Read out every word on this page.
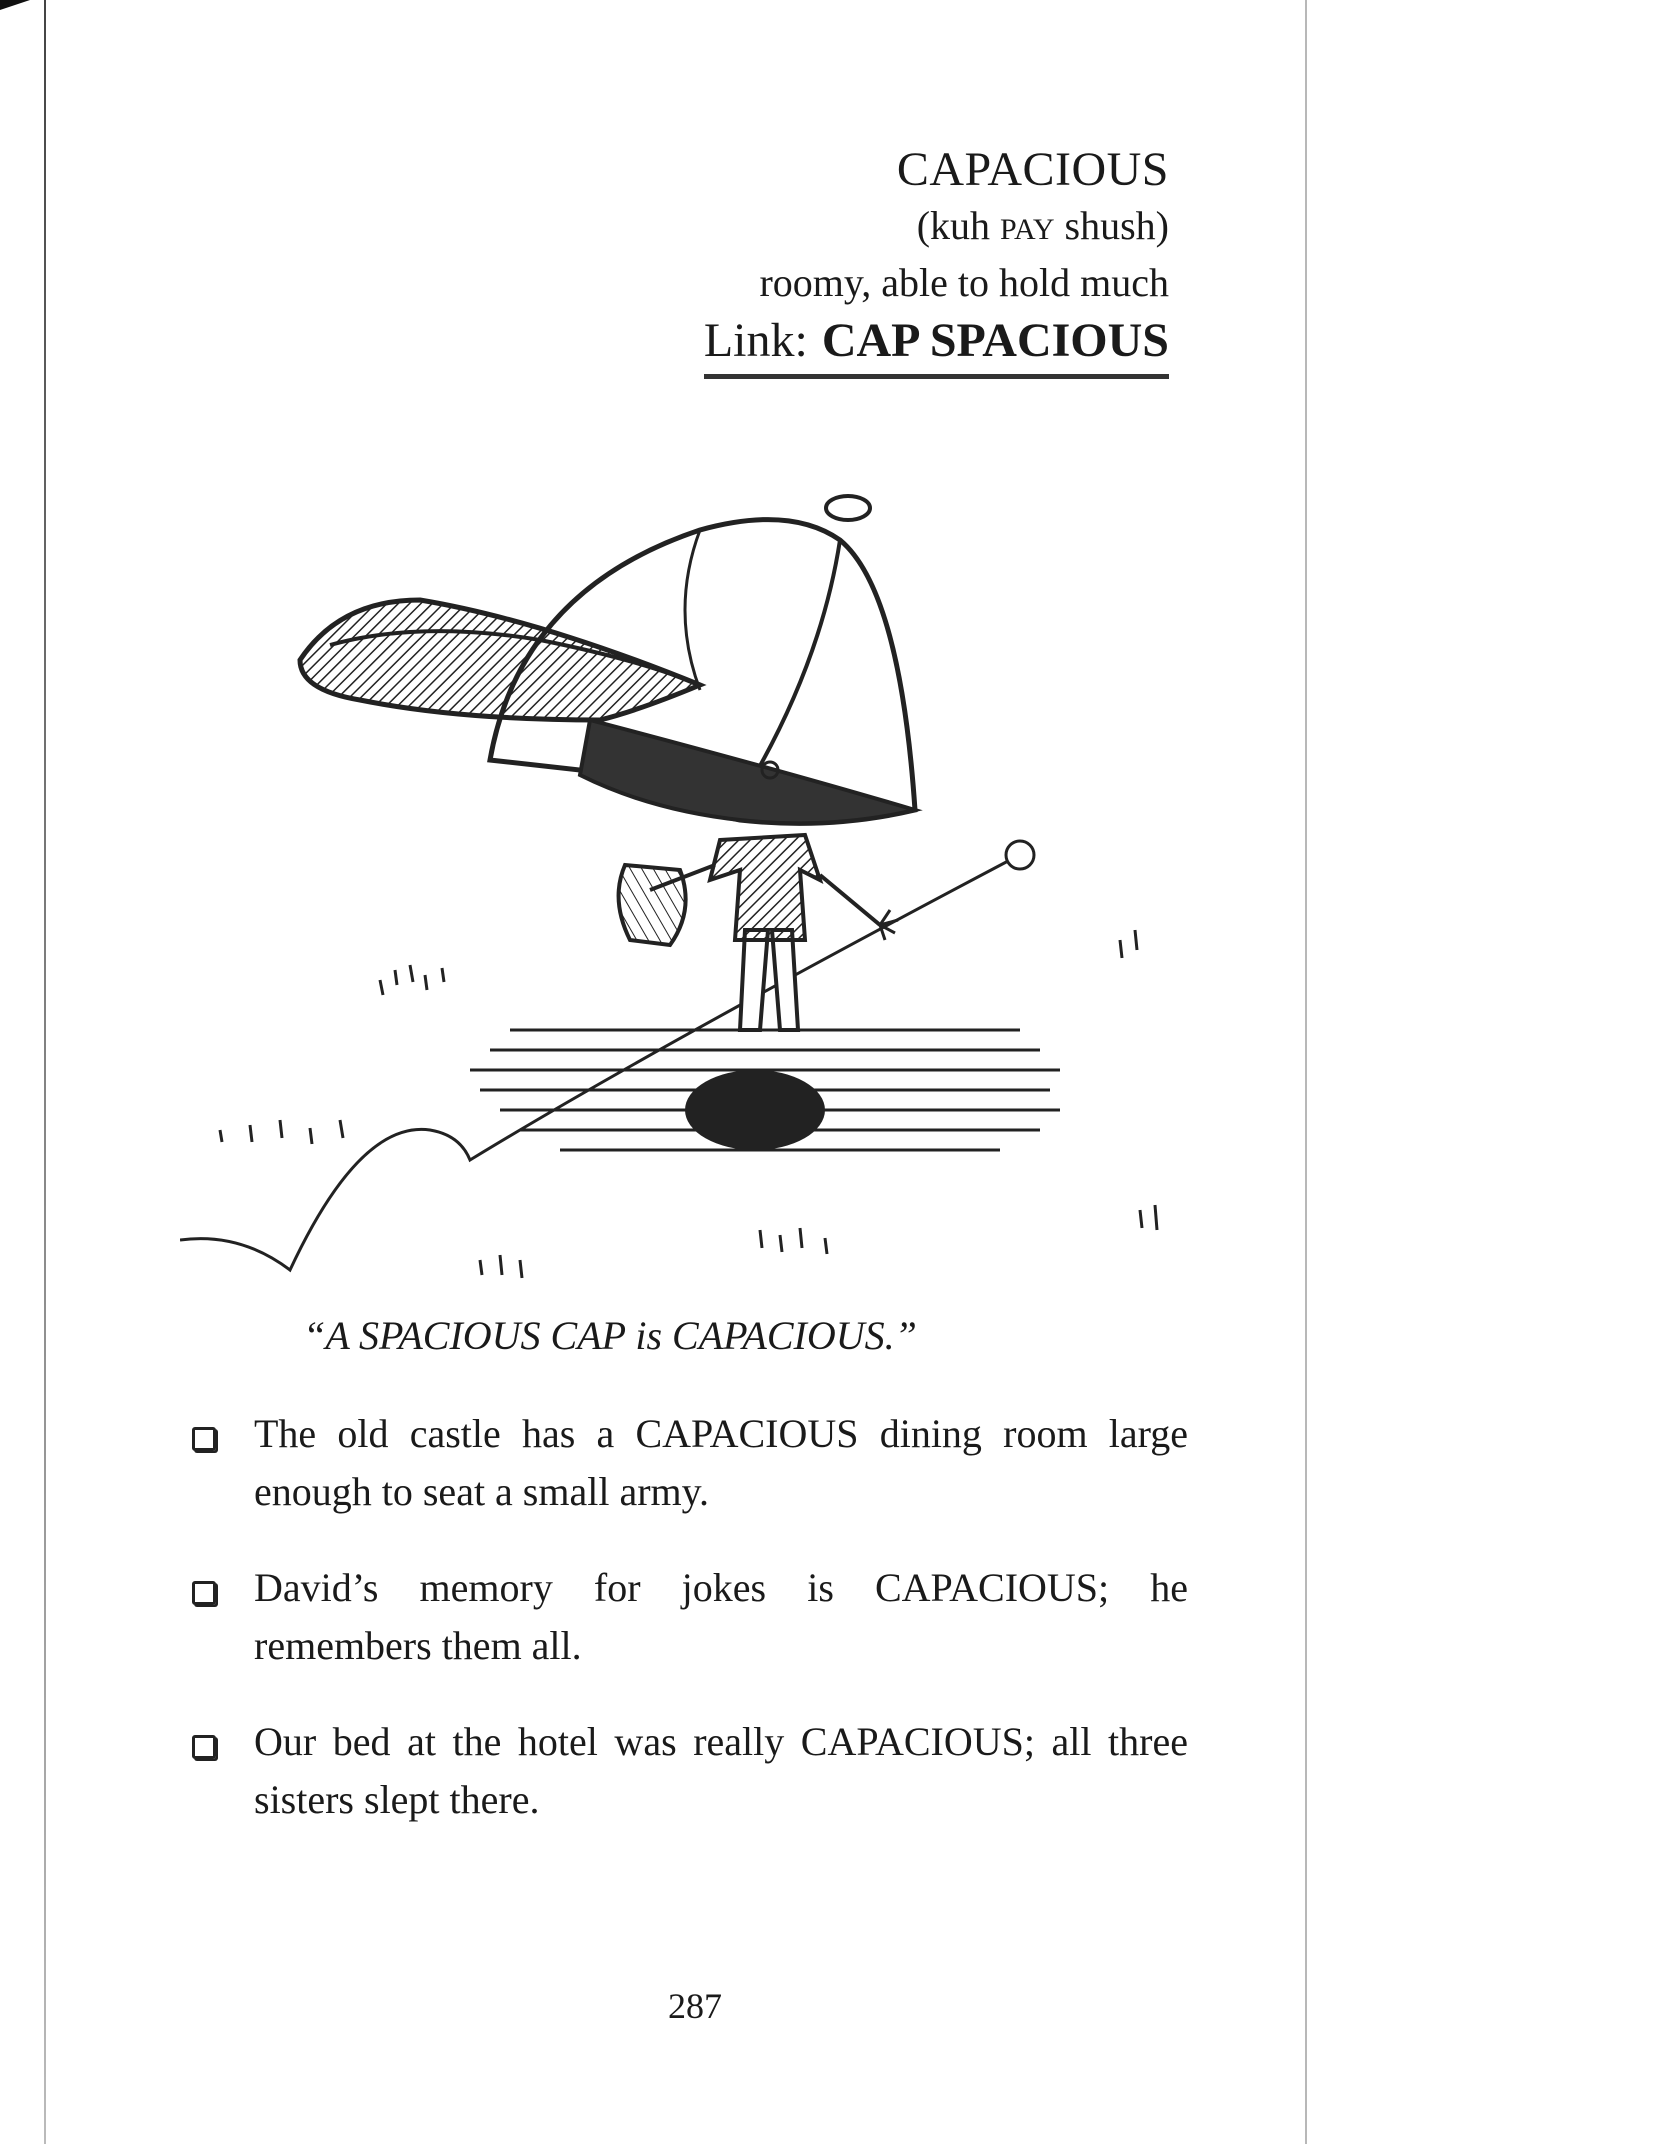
CAPACIOUS
(kuh PAY shush)
roomy, able to hold much
Link: CAP SPACIOUS
“A SPACIOUS CAP is CAPACIOUS.”
The old castle has a CAPACIOUS dining room large enough to seat a small army.
David’s memory for jokes is CAPACIOUS; he remembers them all.
Our bed at the hotel was really CAPACIOUS; all three sisters slept there.
287
